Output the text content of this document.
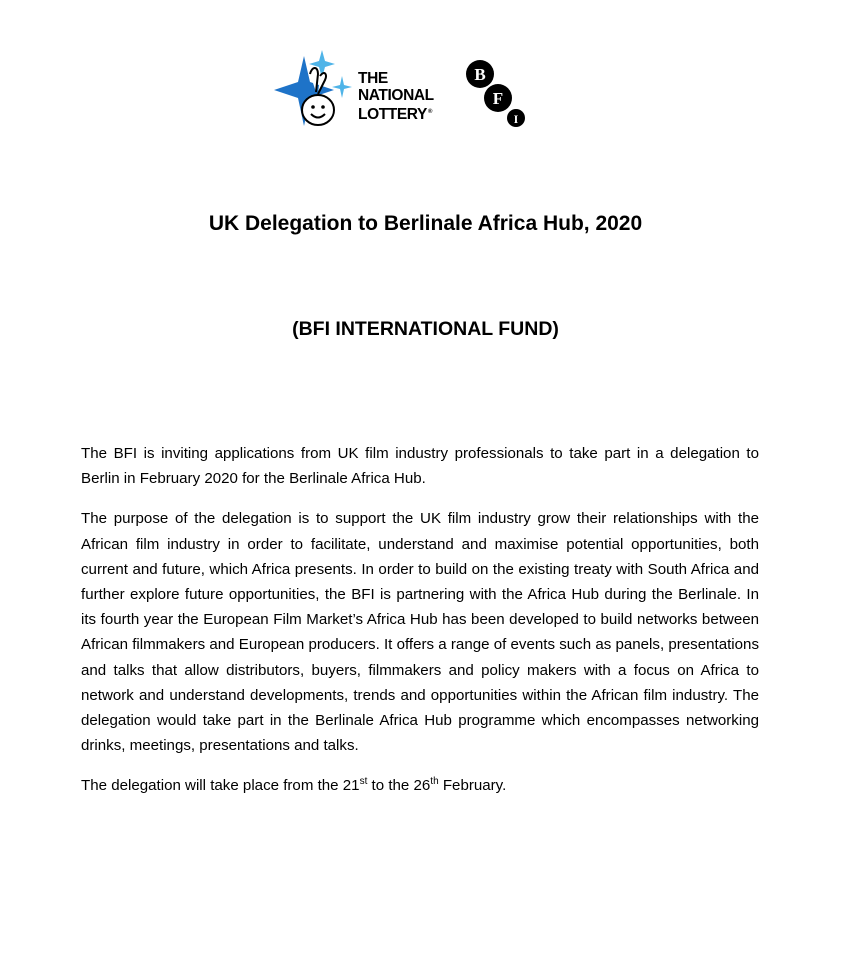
THE
NATIONAL
LOTTERY®
B
F
I
UK Delegation to Berlinale Africa Hub, 2020
(BFI INTERNATIONAL FUND)

The BFI is inviting applications from UK film industry professionals to take part in a delegation to Berlin in February 2020 for the Berlinale Africa Hub.

The purpose of the delegation is to support the UK film industry grow their relationships with the African film industry in order to facilitate, understand and maximise potential opportunities, both current and future, which Africa presents. In order to build on the existing treaty with South Africa and further explore future opportunities, the BFI is partnering with the Africa Hub during the Berlinale. In its fourth year the European Film Market’s Africa Hub has been developed to build networks between African filmmakers and European producers. It offers a range of events such as panels, presentations and talks that allow distributors, buyers, filmmakers and policy makers with a focus on Africa to network and understand developments, trends and opportunities within the African film industry. The delegation would take part in the Berlinale Africa Hub programme which encompasses networking drinks, meetings, presentations and talks.

The delegation will take place from the 21st to the 26th February.
